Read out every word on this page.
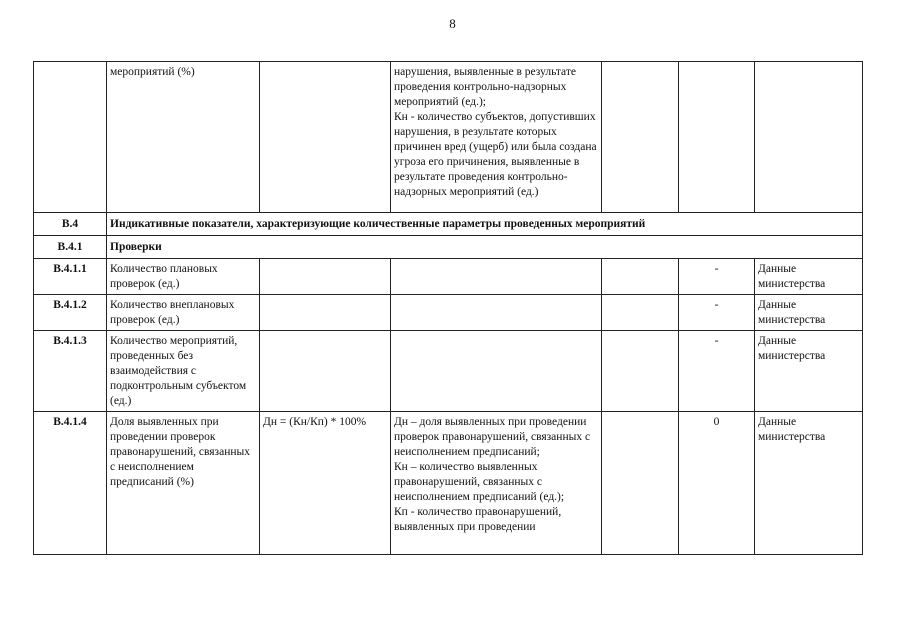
8
	мероприятий (%)		нарушения, выявленные в результате проведения контрольно-надзорных мероприятий (ед.);
Кн - количество субъектов, допустивших нарушения, в результате которых причинен вред (ущерб) или была создана угроза его причинения, выявленные в результате проведения контрольно-надзорных мероприятий (ед.)			
В.4	Индикативные показатели, характеризующие количественные параметры проведенных мероприятий					
В.4.1	Проверки					
В.4.1.1	Количество плановых проверок (ед.)				-	Данные министерства
В.4.1.2	Количество внеплановых проверок (ед.)				-	Данные министерства
В.4.1.3	Количество мероприятий, проведенных без взаимодействия с подконтрольным субъектом (ед.)				-	Данные министерства
В.4.1.4	Доля выявленных при проведении проверок правонарушений, связанных с неисполнением предписаний (%)	Дн = (Кн/Кп) * 100%	Дн – доля выявленных при проведении проверок правонарушений, связанных с неисполнением предписаний;
Кн – количество выявленных правонарушений, связанных с неисполнением предписаний (ед.);
Кп - количество правонарушений, выявленных при проведении		0	Данные министерства
